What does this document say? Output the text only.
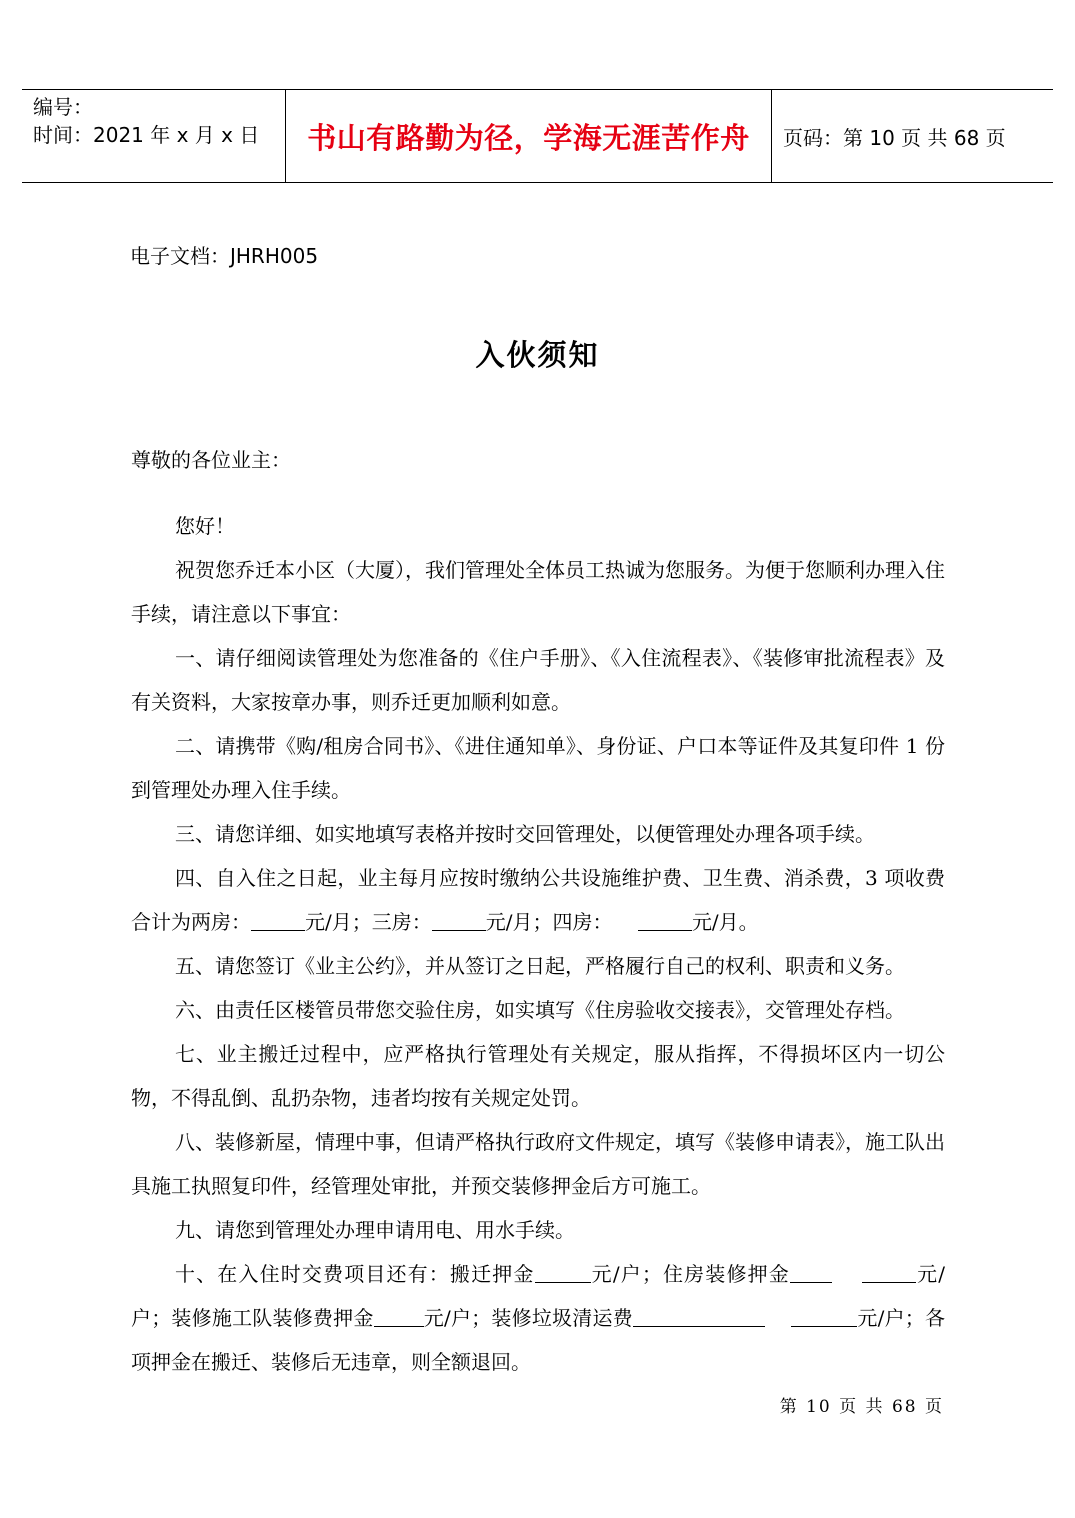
编号：
时间：2021 年 x 月 x 日	书山有路勤为径，学海无涯苦作舟 页码：第 10 页 共 68 页
电子文档：JHRH005
入伙须知

尊敬的各位业主：

您好！

祝贺您乔迁本小区（大厦），我们管理处全体员工热诚为您服务。为便于您顺利办理入住手续，请注意以下事宜：

一、请仔细阅读管理处为您准备的《住户手册》、《入住流程表》、《装修审批流程表》及有关资料，大家按章办事，则乔迁更加顺利如意。

二、请携带《购/租房合同书》、《进住通知单》、身份证、户口本等证件及其复印件 1 份到管理处办理入住手续。

三、请您详细、如实地填写表格并按时交回管理处，以便管理处办理各项手续。

四、自入住之日起，业主每月应按时缴纳公共设施维护费、卫生费、消杀费，3 项收费合计为两房：	元/月；三房：	元/月；四房：	元/月。

五、请您签订《业主公约》，并从签订之日起，严格履行自己的权利、职责和义务。

六、由责任区楼管员带您交验住房，如实填写《住房验收交接表》，交管理处存档。

七、业主搬迁过程中，应严格执行管理处有关规定，服从指挥，不得损坏区内一切公物，不得乱倒、乱扔杂物，违者均按有关规定处罚。

八、装修新屋，情理中事，但请严格执行政府文件规定，填写《装修申请表》，施工队出具施工执照复印件，经管理处审批，并预交装修押金后方可施工。

九、请您到管理处办理申请用电、用水手续。

十、在入住时交费项目还有：搬迁押金	元/户；住房装修押金	元/户；装修施工队装修费押金	元/户；装修垃圾清运费	元/户；各项押金在搬迁、装修后无违章，则全额退回。

第 10 页 共 68 页
